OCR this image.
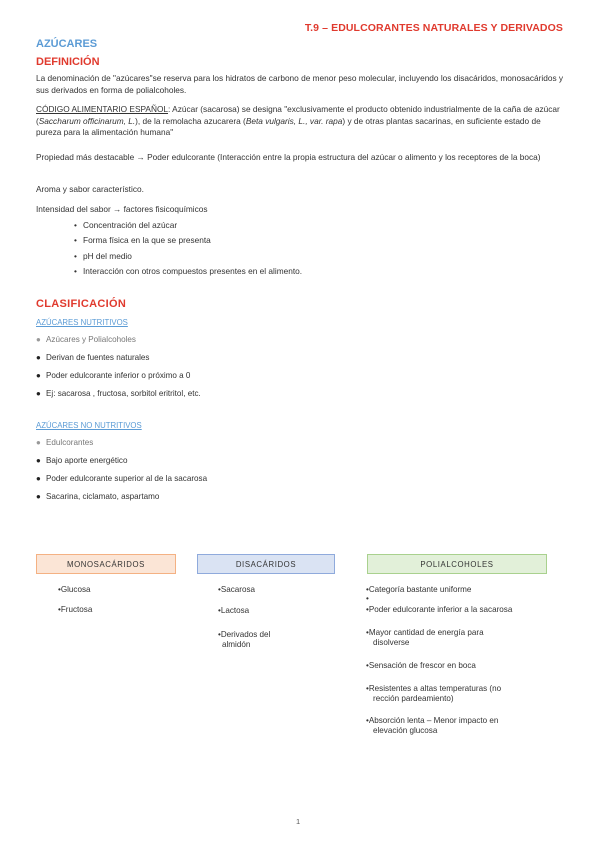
T.9 – EDULCORANTES NATURALES Y DERIVADOS
AZÚCARES
DEFINICIÓN
La denominación de "azúcares"se reserva para los hidratos de carbono de menor peso molecular, incluyendo los disacáridos, monosacáridos y sus derivados en forma de polialcoholes.
CÓDIGO ALIMENTARIO ESPAÑOL: Azúcar (sacarosa) se designa "exclusivamente el producto obtenido industrialmente de la caña de azúcar (Saccharum officinarum, L.), de la remolacha azucarera (Beta vulgaris, L., var. rapa) y de otras plantas sacarinas, en suficiente estado de pureza para la alimentación humana"
Propiedad más destacable → Poder edulcorante (Interacción entre la propia estructura del azúcar o alimento y los receptores de la boca)
Aroma y sabor característico.
Intensidad del sabor → factores fisicoquímicos
• Concentración del azúcar
• Forma física en la que se presenta
• pH del medio
• Interacción con otros compuestos presentes en el alimento.
CLASIFICACIÓN
AZÚCARES NUTRITIVOS
● Azúcares y Polialcoholes
● Derivan de fuentes naturales
● Poder edulcorante inferior o próximo a 0
● Ej: sacarosa , fructosa, sorbitol eritritol, etc.
AZÚCARES NO NUTRITIVOS
● Edulcorantes
● Bajo aporte energético
● Poder edulcorante superior al de la sacarosa
● Sacarina, ciclamato, aspartamo
MONOSACÁRIDOS	DISACÁRIDOS	POLIALCOHOLES
•Glucosa
•Fructosa
•Sacarosa
•Lactosa
•Derivados del
almidón
•Categoría bastante uniforme
•
•Poder edulcorante inferior a la sacarosa
•Mayor cantidad de energía para
disolverse
•Sensación de frescor en boca
•Resistentes a altas temperaturas (no
rección pardeamiento)
•Absorción lenta – Menor impacto en
elevación glucosa
1
